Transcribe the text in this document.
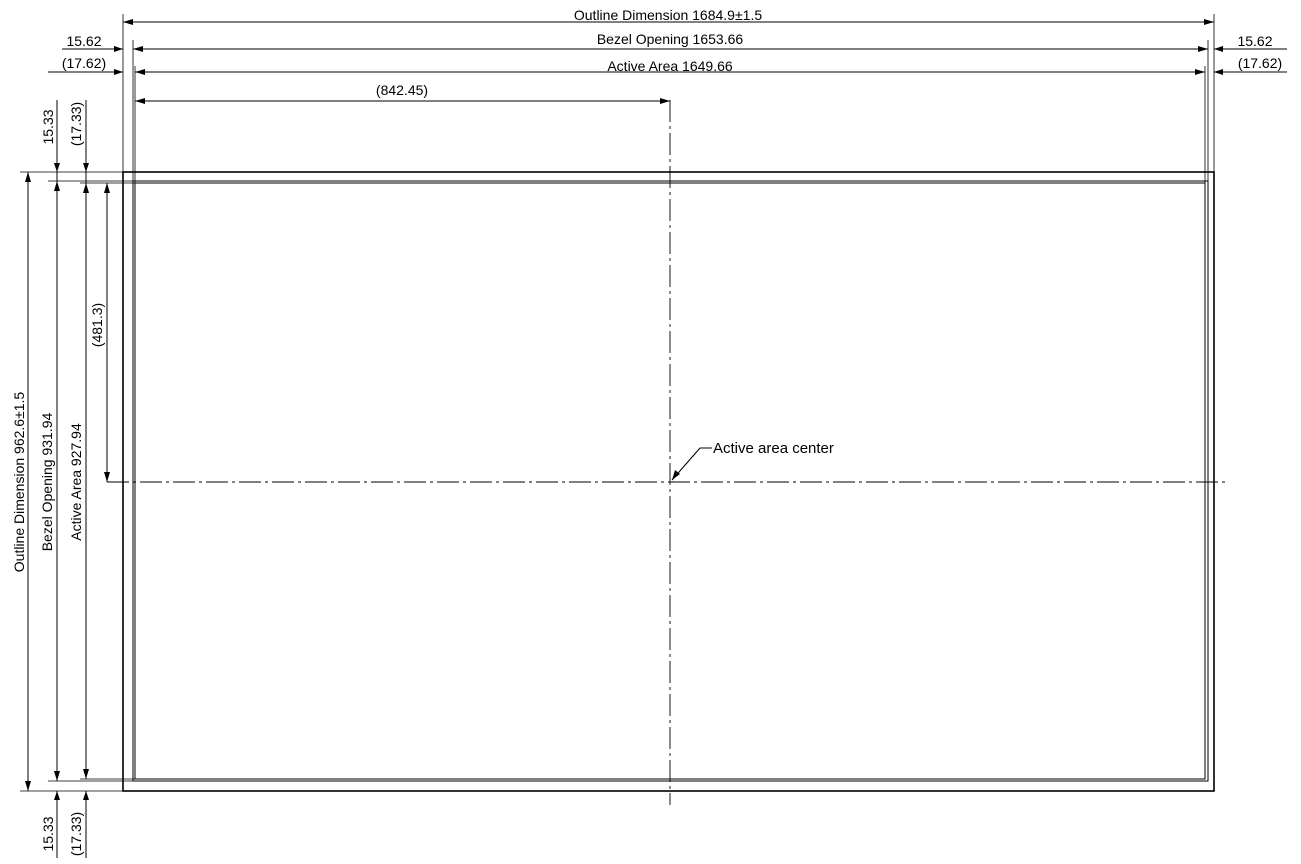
Outline Dimension 1684.9±1.5
Bezel Opening 1653.66
Active Area 1649.66
(842.45)
15.62
(17.62)
15.62
(17.62)
Outline Dimension 962.6±1.5 Bezel Opening 931.94 Active Area 927.94
(481.3)
15.33 (17.33)
15.33 (17.33)
Active area center
